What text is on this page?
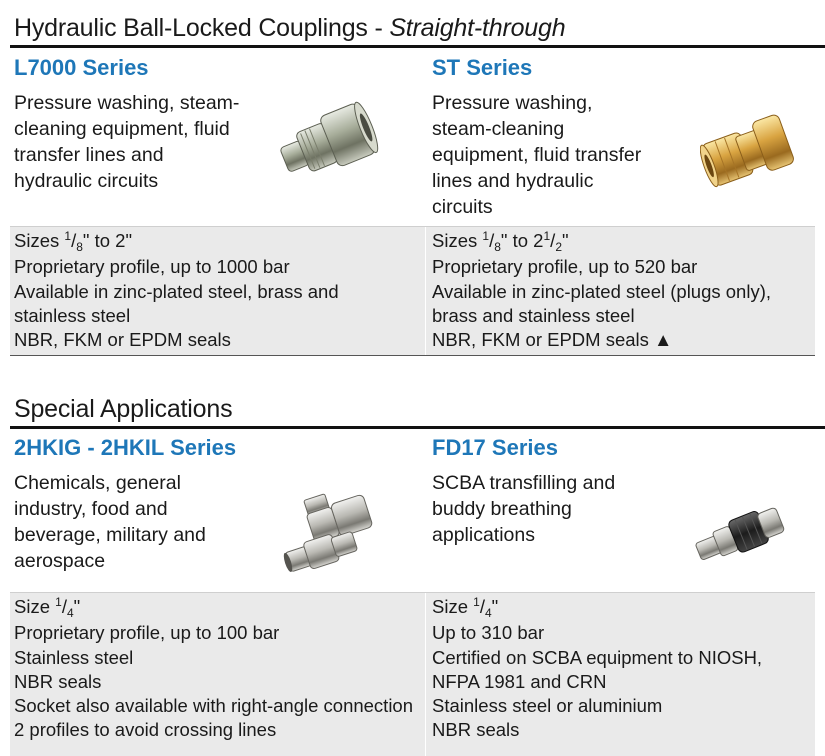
Hydraulic Ball-Locked Couplings - Straight-through
L7000 Series	ST Series
Pressure washing, steam-
cleaning equipment, fluid
transfer lines and
hydraulic circuits
Pressure washing,
steam-cleaning
equipment, fluid transfer
lines and hydraulic
circuits
Sizes $^1/_8$" to 2"
Proprietary profile, up to 1000 bar
Available in zinc-plated steel, brass and
stainless steel
NBR, FKM or EPDM seals
Sizes $^1/_8$" to $2^1/_2$"
Proprietary profile, up to 520 bar
Available in zinc-plated steel (plugs only),
brass and stainless steel
NBR, FKM or EPDM seals ▲
Special Applications
2HKIG - 2HKIL Series	FD17 Series
Chemicals, general
industry, food and
beverage, military and
aerospace
SCBA transfilling and
buddy breathing
applications
Size $^1/_4$"
Proprietary profile, up to 100 bar
Stainless steel
NBR seals
Socket also available with right-angle connection
2 profiles to avoid crossing lines
Size $^1/_4$"
Up to 310 bar
Certified on SCBA equipment to NIOSH,
NFPA 1981 and CRN
Stainless steel or aluminium
NBR seals
